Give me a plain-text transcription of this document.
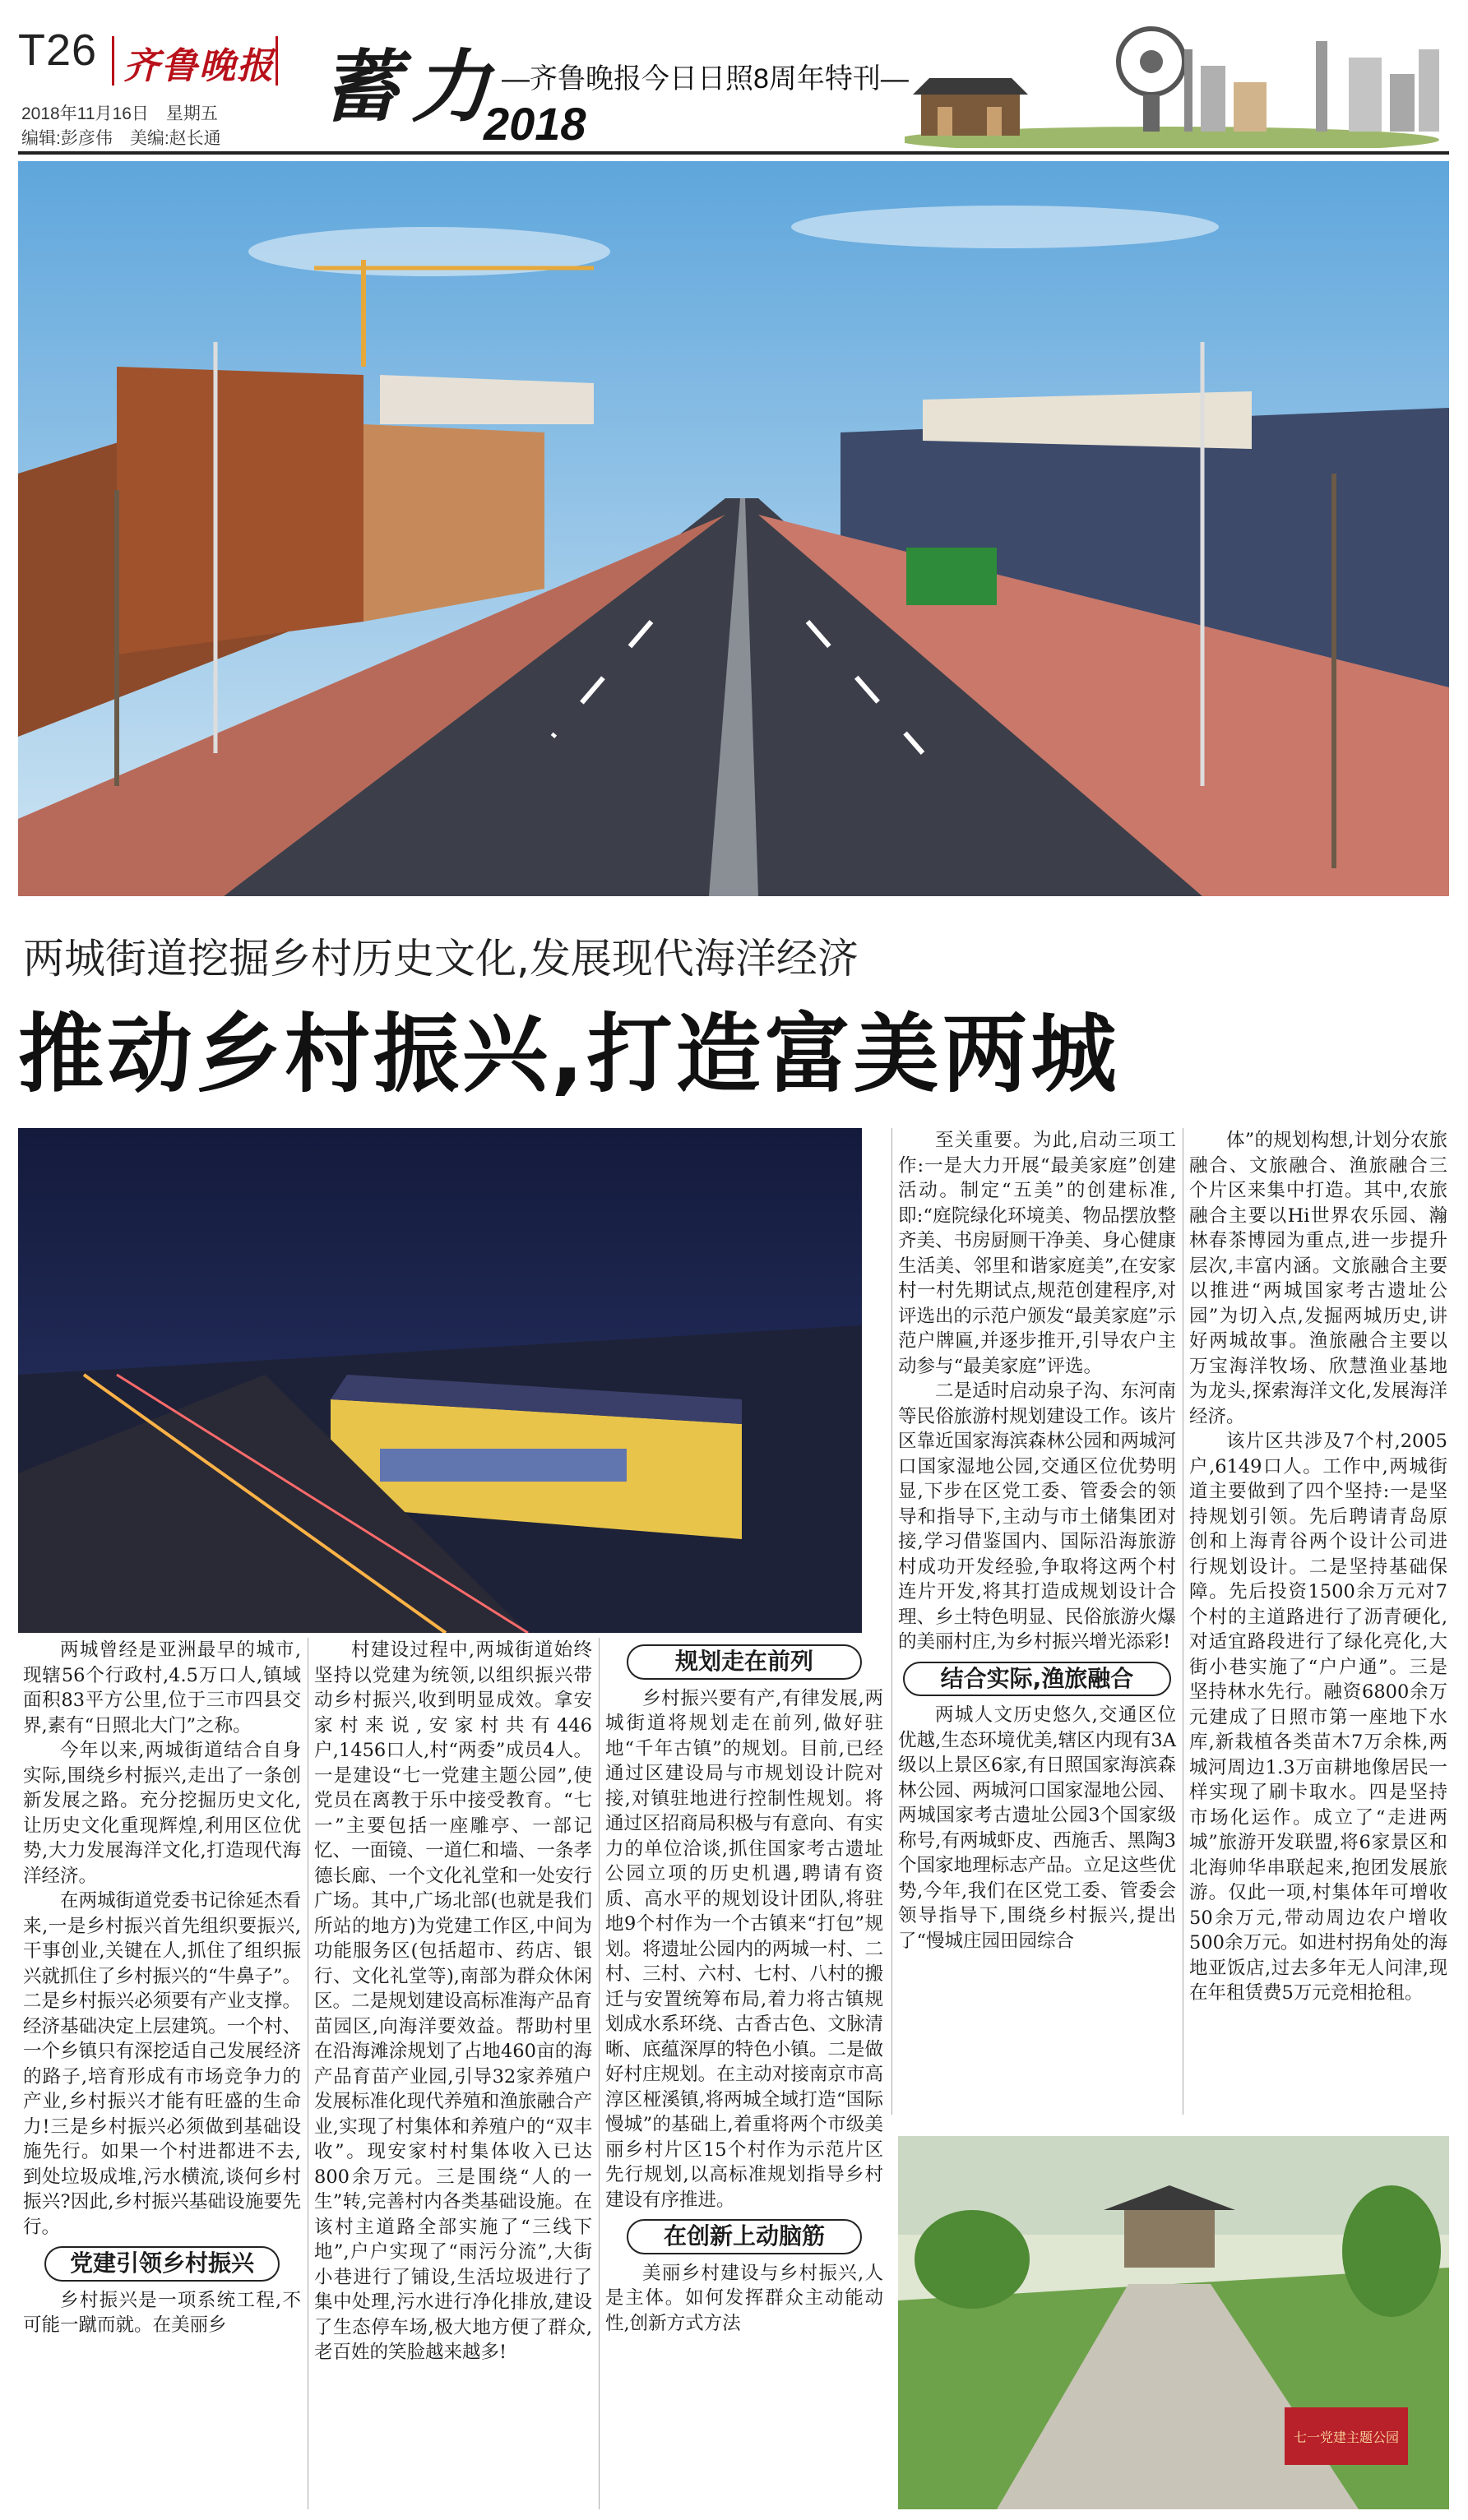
T26 齐鲁晚报
2018年11月16日　星期五
编辑:彭彦伟　美编:赵长通
蓄力 —齐鲁晚报今日日照8周年特刊—
2018
两城街道挖掘乡村历史文化,发展现代海洋经济
推动乡村振兴,打造富美两城

两城曾经是亚洲最早的城市,现辖56个行政村,4.5万口人,镇域面积83平方公里,位于三市四县交界,素有“日照北大门”之称。

今年以来,两城街道结合自身实际,围绕乡村振兴,走出了一条创新发展之路。充分挖掘历史文化,让历史文化重现辉煌,利用区位优势,大力发展海洋文化,打造现代海洋经济。

在两城街道党委书记徐延杰看来,一是乡村振兴首先组织要振兴,干事创业,关键在人,抓住了组织振兴就抓住了乡村振兴的“牛鼻子”。二是乡村振兴必须要有产业支撑。经济基础决定上层建筑。一个村、一个乡镇只有深挖适自己发展经济的路子,培育形成有市场竞争力的产业,乡村振兴才能有旺盛的生命力!三是乡村振兴必须做到基础设施先行。如果一个村进都进不去,到处垃圾成堆,污水横流,谈何乡村振兴?因此,乡村振兴基础设施要先行。

党建引领乡村振兴

乡村振兴是一项系统工程,不可能一蹴而就。在美丽乡

村建设过程中,两城街道始终坚持以党建为统领,以组织振兴带动乡村振兴,收到明显成效。拿安家村来说,安家村共有446户,1456口人,村“两委”成员4人。一是建设“七一党建主题公园”,使党员在离教于乐中接受教育。“七一”主要包括一座雕亭、一部记忆、一面镜、一道仁和墙、一条孝德长廊、一个文化礼堂和一处安行广场。其中,广场北部(也就是我们所站的地方)为党建工作区,中间为功能服务区(包括超市、药店、银行、文化礼堂等),南部为群众休闲区。二是规划建设高标准海产品育苗园区,向海洋要效益。帮助村里在沿海滩涂规划了占地460亩的海产品育苗产业园,引导32家养殖户发展标准化现代养殖和渔旅融合产业,实现了村集体和养殖户的“双丰收”。现安家村村集体收入已达800余万元。三是围绕“人的一生”转,完善村内各类基础设施。在该村主道路全部实施了“三线下地”,户户实现了“雨污分流”,大街小巷进行了铺设,生活垃圾进行了集中处理,污水进行净化排放,建设了生态停车场,极大地方便了群众,老百姓的笑脸越来越多!

规划走在前列

乡村振兴要有产,有律发展,两城街道将规划走在前列,做好驻地“千年古镇”的规划。目前,已经通过区建设局与市规划设计院对接,对镇驻地进行控制性规划。将通过区招商局积极与有意向、有实力的单位洽谈,抓住国家考古遗址公园立项的历史机遇,聘请有资质、高水平的规划设计团队,将驻地9个村作为一个古镇来“打包”规划。将遗址公园内的两城一村、二村、三村、六村、七村、八村的搬迁与安置统筹布局,着力将古镇规划成水系环绕、古香古色、文脉清晰、底蕴深厚的特色小镇。二是做好村庄规划。在主动对接南京市高淳区桠溪镇,将两城全域打造“国际慢城”的基础上,着重将两个市级美丽乡村片区15个村作为示范片区先行规划,以高标准规划指导乡村建设有序推进。

在创新上动脑筋

美丽乡村建设与乡村振兴,人是主体。如何发挥群众主动能动性,创新方式方法

至关重要。为此,启动三项工作:一是大力开展“最美家庭”创建活动。制定“五美”的创建标准,即:“庭院绿化环境美、物品摆放整齐美、书房厨厕干净美、身心健康生活美、邻里和谐家庭美”,在安家村一村先期试点,规范创建程序,对评选出的示范户颁发“最美家庭”示范户牌匾,并逐步推开,引导农户主动参与“最美家庭”评选。

二是适时启动泉子沟、东河南等民俗旅游村规划建设工作。该片区靠近国家海滨森林公园和两城河口国家湿地公园,交通区位优势明显,下步在区党工委、管委会的领导和指导下,主动与市土储集团对接,学习借鉴国内、国际沿海旅游村成功开发经验,争取将这两个村连片开发,将其打造成规划设计合理、乡土特色明显、民俗旅游火爆的美丽村庄,为乡村振兴增光添彩!

结合实际,渔旅融合

两城人文历史悠久,交通区位优越,生态环境优美,辖区内现有3A级以上景区6家,有日照国家海滨森林公园、两城河口国家湿地公园、两城国家考古遗址公园3个国家级称号,有两城虾皮、西施舌、黑陶3个国家地理标志产品。立足这些优势,今年,我们在区党工委、管委会领导指导下,围绕乡村振兴,提出了“慢城庄园田园综合

体”的规划构想,计划分农旅融合、文旅融合、渔旅融合三个片区来集中打造。其中,农旅融合主要以Hi世界农乐园、瀚林春茶博园为重点,进一步提升层次,丰富内涵。文旅融合主要以推进“两城国家考古遗址公园”为切入点,发掘两城历史,讲好两城故事。渔旅融合主要以万宝海洋牧场、欣慧渔业基地为龙头,探索海洋文化,发展海洋经济。

该片区共涉及7个村,2005户,6149口人。工作中,两城街道主要做到了四个坚持:一是坚持规划引领。先后聘请青岛原创和上海青谷两个设计公司进行规划设计。二是坚持基础保障。先后投资1500余万元对7个村的主道路进行了沥青硬化,对适宜路段进行了绿化亮化,大街小巷实施了“户户通”。三是坚持林水先行。融资6800余万元建成了日照市第一座地下水库,新栽植各类苗木7万余株,两城河周边1.3万亩耕地像居民一样实现了刷卡取水。四是坚持市场化运作。成立了“走进两城”旅游开发联盟,将6家景区和北海帅华串联起来,抱团发展旅游。仅此一项,村集体年可增收50余万元,带动周边农户增收500余万元。如进村拐角处的海地亚饭店,过去多年无人问津,现在年租赁费5万元竞相抢租。

七一党建主题公园
